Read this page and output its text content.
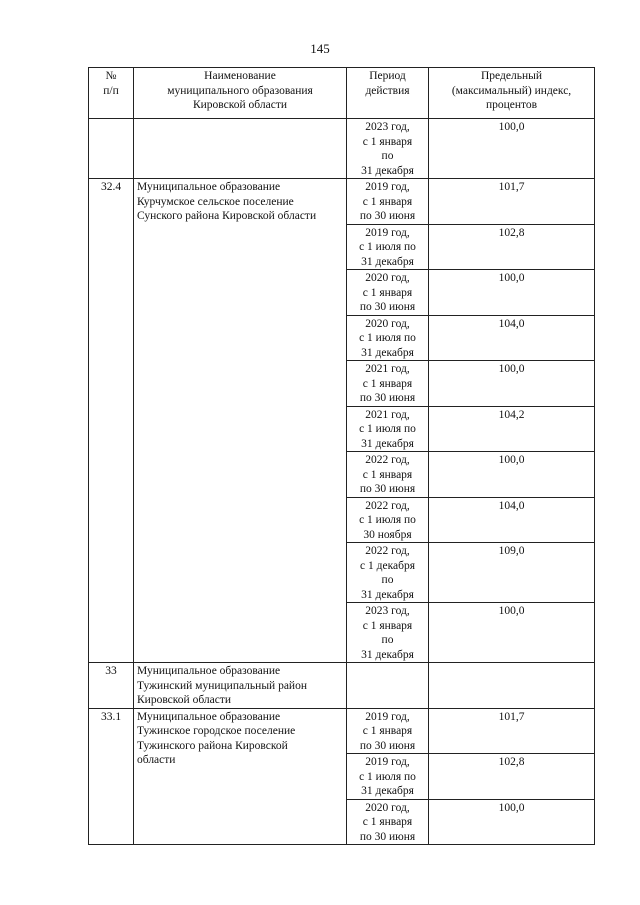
145
№
п/п	Наименование
муниципального образования
Кировской области	Период
действия	Предельный
(максимальный) индекс,
процентов

		2023 год,
с 1 января
по
31 декабря	100,0
32.4	Муниципальное образование
Курчумское сельское поселение
Сунского района Кировской области	2019 год,
с 1 января
по 30 июня	101,7

		2019 год,
с 1 июля по
31 декабря	102,8

		2020 год,
с 1 января
по 30 июня	100,0

		2020 год,
с 1 июля по
31 декабря	104,0

		2021 год,
с 1 января
по 30 июня	100,0

		2021 год,
с 1 июля по
31 декабря	104,2

		2022 год,
с 1 января
по 30 июня	100,0

		2022 год,
с 1 июля по
30 ноября	104,0

		2022 год,
с 1 декабря
по
31 декабря	109,0

		2023 год,
с 1 января
по
31 декабря	100,0
33	Муниципальное образование
Тужинский муниципальный район
Кировской области		

33.1	Муниципальное образование
Тужинское городское поселение
Тужинского района Кировской
области	2019 год,
с 1 января
по 30 июня	101,7

		2019 год,
с 1 июля по
31 декабря	102,8

		2020 год,
с 1 января
по 30 июня	100,0
